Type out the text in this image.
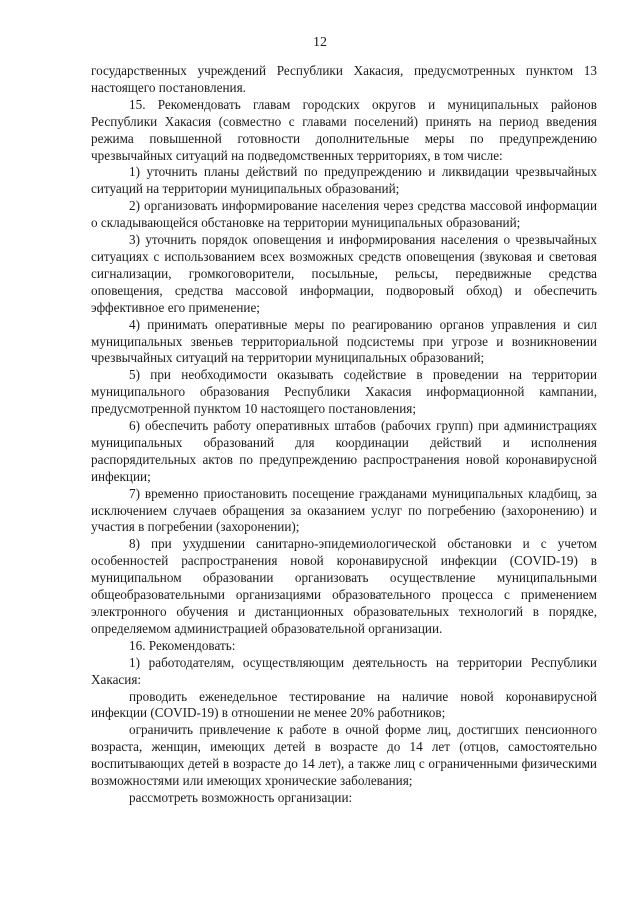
12

государственных учреждений Республики Хакасия, предусмотренных пунктом 13 настоящего постановления.

15. Рекомендовать главам городских округов и муниципальных районов Республики Хакасия (совместно с главами поселений) принять на период введения режима повышенной готовности дополнительные меры по предупреждению чрезвычайных ситуаций на подведомственных территориях, в том числе:

1) уточнить планы действий по предупреждению и ликвидации чрезвычайных ситуаций на территории муниципальных образований;

2) организовать информирование населения через средства массовой информации о складывающейся обстановке на территории муниципальных образований;

3) уточнить порядок оповещения и информирования населения о чрезвычайных ситуациях с использованием всех возможных средств оповещения (звуковая и световая сигнализации, громкоговорители, посыльные, рельсы, передвижные средства оповещения, средства массовой информации, подворовый обход) и обеспечить эффективное его применение;

4) принимать оперативные меры по реагированию органов управления и сил муниципальных звеньев территориальной подсистемы при угрозе и возникновении чрезвычайных ситуаций на территории муниципальных образований;

5) при необходимости оказывать содействие в проведении на территории муниципального образования Республики Хакасия информационной кампании, предусмотренной пунктом 10 настоящего постановления;

6) обеспечить работу оперативных штабов (рабочих групп) при администрациях муниципальных образований для координации действий и исполнения распорядительных актов по предупреждению распространения новой коронавирусной инфекции;

7) временно приостановить посещение гражданами муниципальных кладбищ, за исключением случаев обращения за оказанием услуг по погребению (захоронению) и участия в погребении (захоронении);

8) при ухудшении санитарно-эпидемиологической обстановки и с учетом особенностей распространения новой коронавирусной инфекции (COVID-19) в муниципальном образовании организовать осуществление муниципальными общеобразовательными организациями образовательного процесса с применением электронного обучения и дистанционных образовательных технологий в порядке, определяемом администрацией образовательной организации.

16. Рекомендовать:

1) работодателям, осуществляющим деятельность на территории Республики Хакасия:

проводить еженедельное тестирование на наличие новой коронавирусной инфекции (COVID-19) в отношении не менее 20% работников;

ограничить привлечение к работе в очной форме лиц, достигших пенсионного возраста, женщин, имеющих детей в возрасте до 14 лет (отцов, самостоятельно воспитывающих детей в возрасте до 14 лет), а также лиц с ограниченными физическими возможностями или имеющих хронические заболевания;

рассмотреть возможность организации:
